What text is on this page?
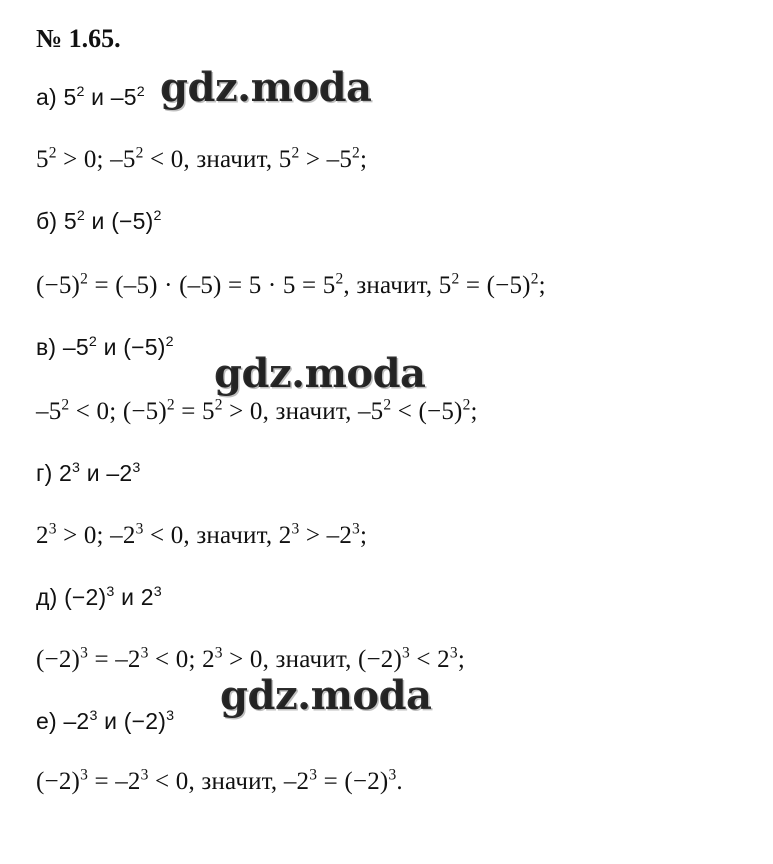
№ 1.65.
а) $5^2$ и $-5^2$
$5^2 > 0$; $-5^2 < 0$, значит, $5^2 > -5^2$;
б) $5^2$ и $(-5)^2$
$(-5)^2 = (-5) \cdot (-5) = 5 \cdot 5 = 5^2$, значит, $5^2 = (-5)^2$;
в) $-5^2$ и $(-5)^2$
$-5^2 < 0$; $(-5)^2 = 5^2 > 0$, значит, $-5^2 < (-5)^2$;
г) $2^3$ и $-2^3$
$2^3 > 0$; $-2^3 < 0$, значит, $2^3 > -2^3$;
д) $(-2)^3$ и $2^3$
$(-2)^3 = -2^3 < 0$; $2^3 > 0$, значит, $(-2)^3 < 2^3$;
е) $-2^3$ и $(-2)^3$
$(-2)^3 = -2^3 < 0$, значит, $-2^3 = (-2)^3$.
gdz.moda
gdz.moda
gdz.moda
